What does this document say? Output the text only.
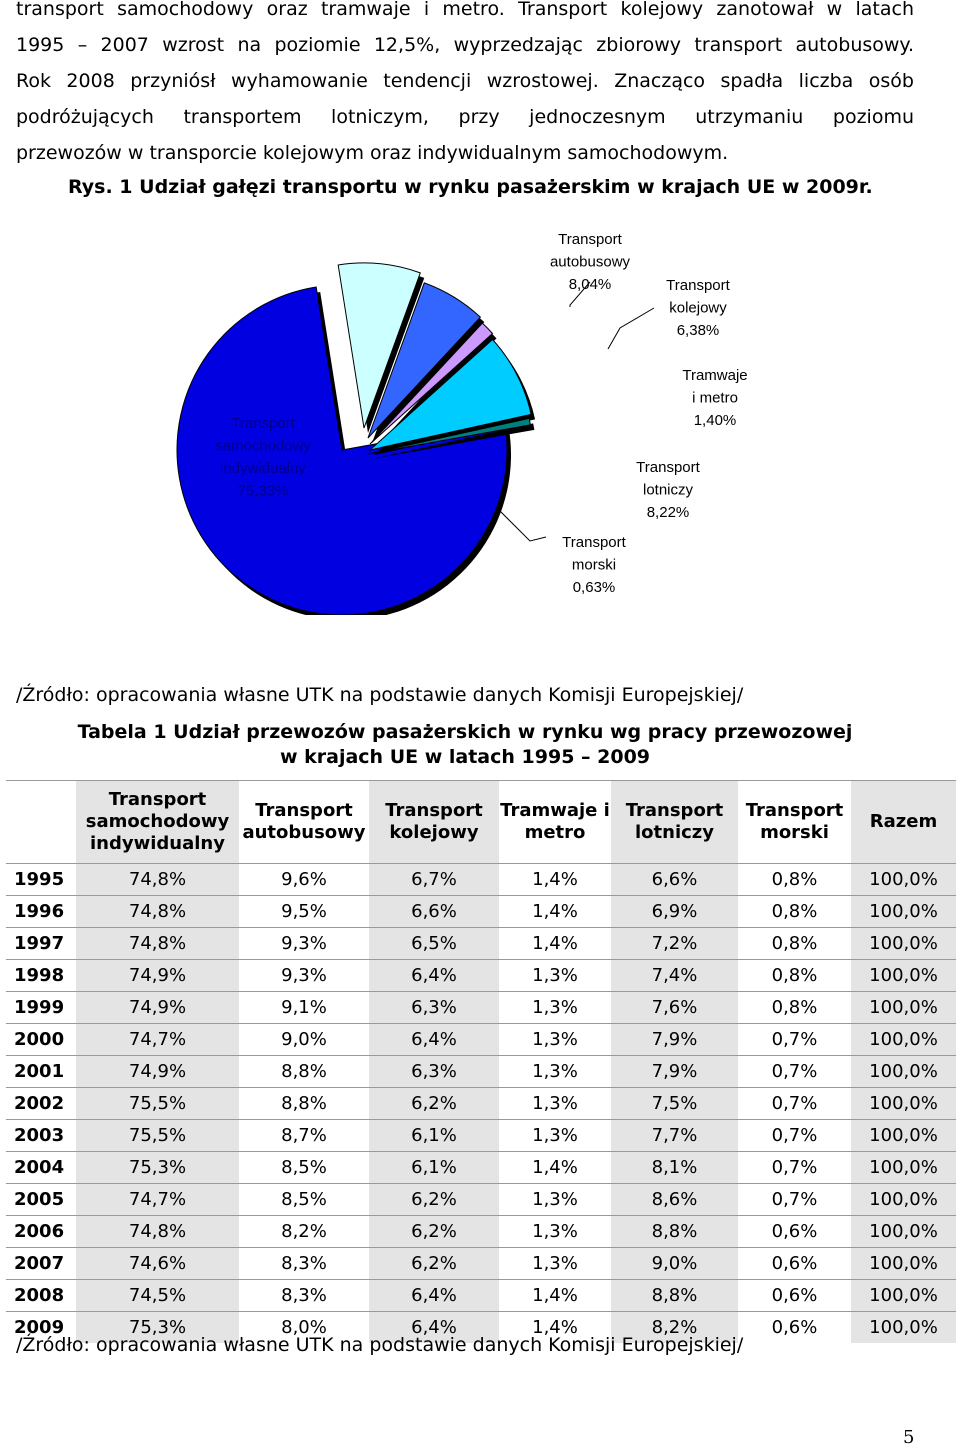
transport samochodowy oraz tramwaje i metro. Transport kolejowy zanotował w latach
1995 – 2007 wzrost na poziomie 12,5%, wyprzedzając zbiorowy transport autobusowy.
Rok 2008 przyniósł wyhamowanie tendencji wzrostowej. Znacząco spadła liczba osób
podróżujących transportem lotniczym, przy jednoczesnym utrzymaniu poziomu
przewozów w transporcie kolejowym oraz indywidualnym samochodowym.
Rys. 1 Udział gałęzi transportu w rynku pasażerskim w krajach UE w 2009r.
Transport samochodowy indywidualny 75,33%
Transport autobusowy 8,04%	Transport kolejowy 6,38%
Tramwaje i metro 1,40%
Transport lotniczy 8,22%
Transport morski 0,63%
/Źródło: opracowania własne UTK na podstawie danych Komisji Europejskiej/
Tabela 1 Udział przewozów pasażerskich w rynku wg pracy przewozowej
w krajach UE w latach 1995 – 2009
	Transport samochodowy indywidualny	Transport autobusowy	Transport kolejowy	Tramwaje i metro	Transport lotniczy	Transport morski	Razem
1995	74,8%	9,6%	6,7%	1,4%	6,6%	0,8%	100,0%
1996	74,8%	9,5%	6,6%	1,4%	6,9%	0,8%	100,0%
1997	74,8%	9,3%	6,5%	1,4%	7,2%	0,8%	100,0%
1998	74,9%	9,3%	6,4%	1,3%	7,4%	0,8%	100,0%
1999	74,9%	9,1%	6,3%	1,3%	7,6%	0,8%	100,0%
2000	74,7%	9,0%	6,4%	1,3%	7,9%	0,7%	100,0%
2001	74,9%	8,8%	6,3%	1,3%	7,9%	0,7%	100,0%
2002	75,5%	8,8%	6,2%	1,3%	7,5%	0,7%	100,0%
2003	75,5%	8,7%	6,1%	1,3%	7,7%	0,7%	100,0%
2004	75,3%	8,5%	6,1%	1,4%	8,1%	0,7%	100,0%
2005	74,7%	8,5%	6,2%	1,3%	8,6%	0,7%	100,0%
2006	74,8%	8,2%	6,2%	1,3%	8,8%	0,6%	100,0%
2007	74,6%	8,3%	6,2%	1,3%	9,0%	0,6%	100,0%
2008	74,5%	8,3%	6,4%	1,4%	8,8%	0,6%	100,0%
2009	75,3%	8,0%	6,4%	1,4%	8,2%	0,6%	100,0%
/Źródło: opracowania własne UTK na podstawie danych Komisji Europejskiej/
5
